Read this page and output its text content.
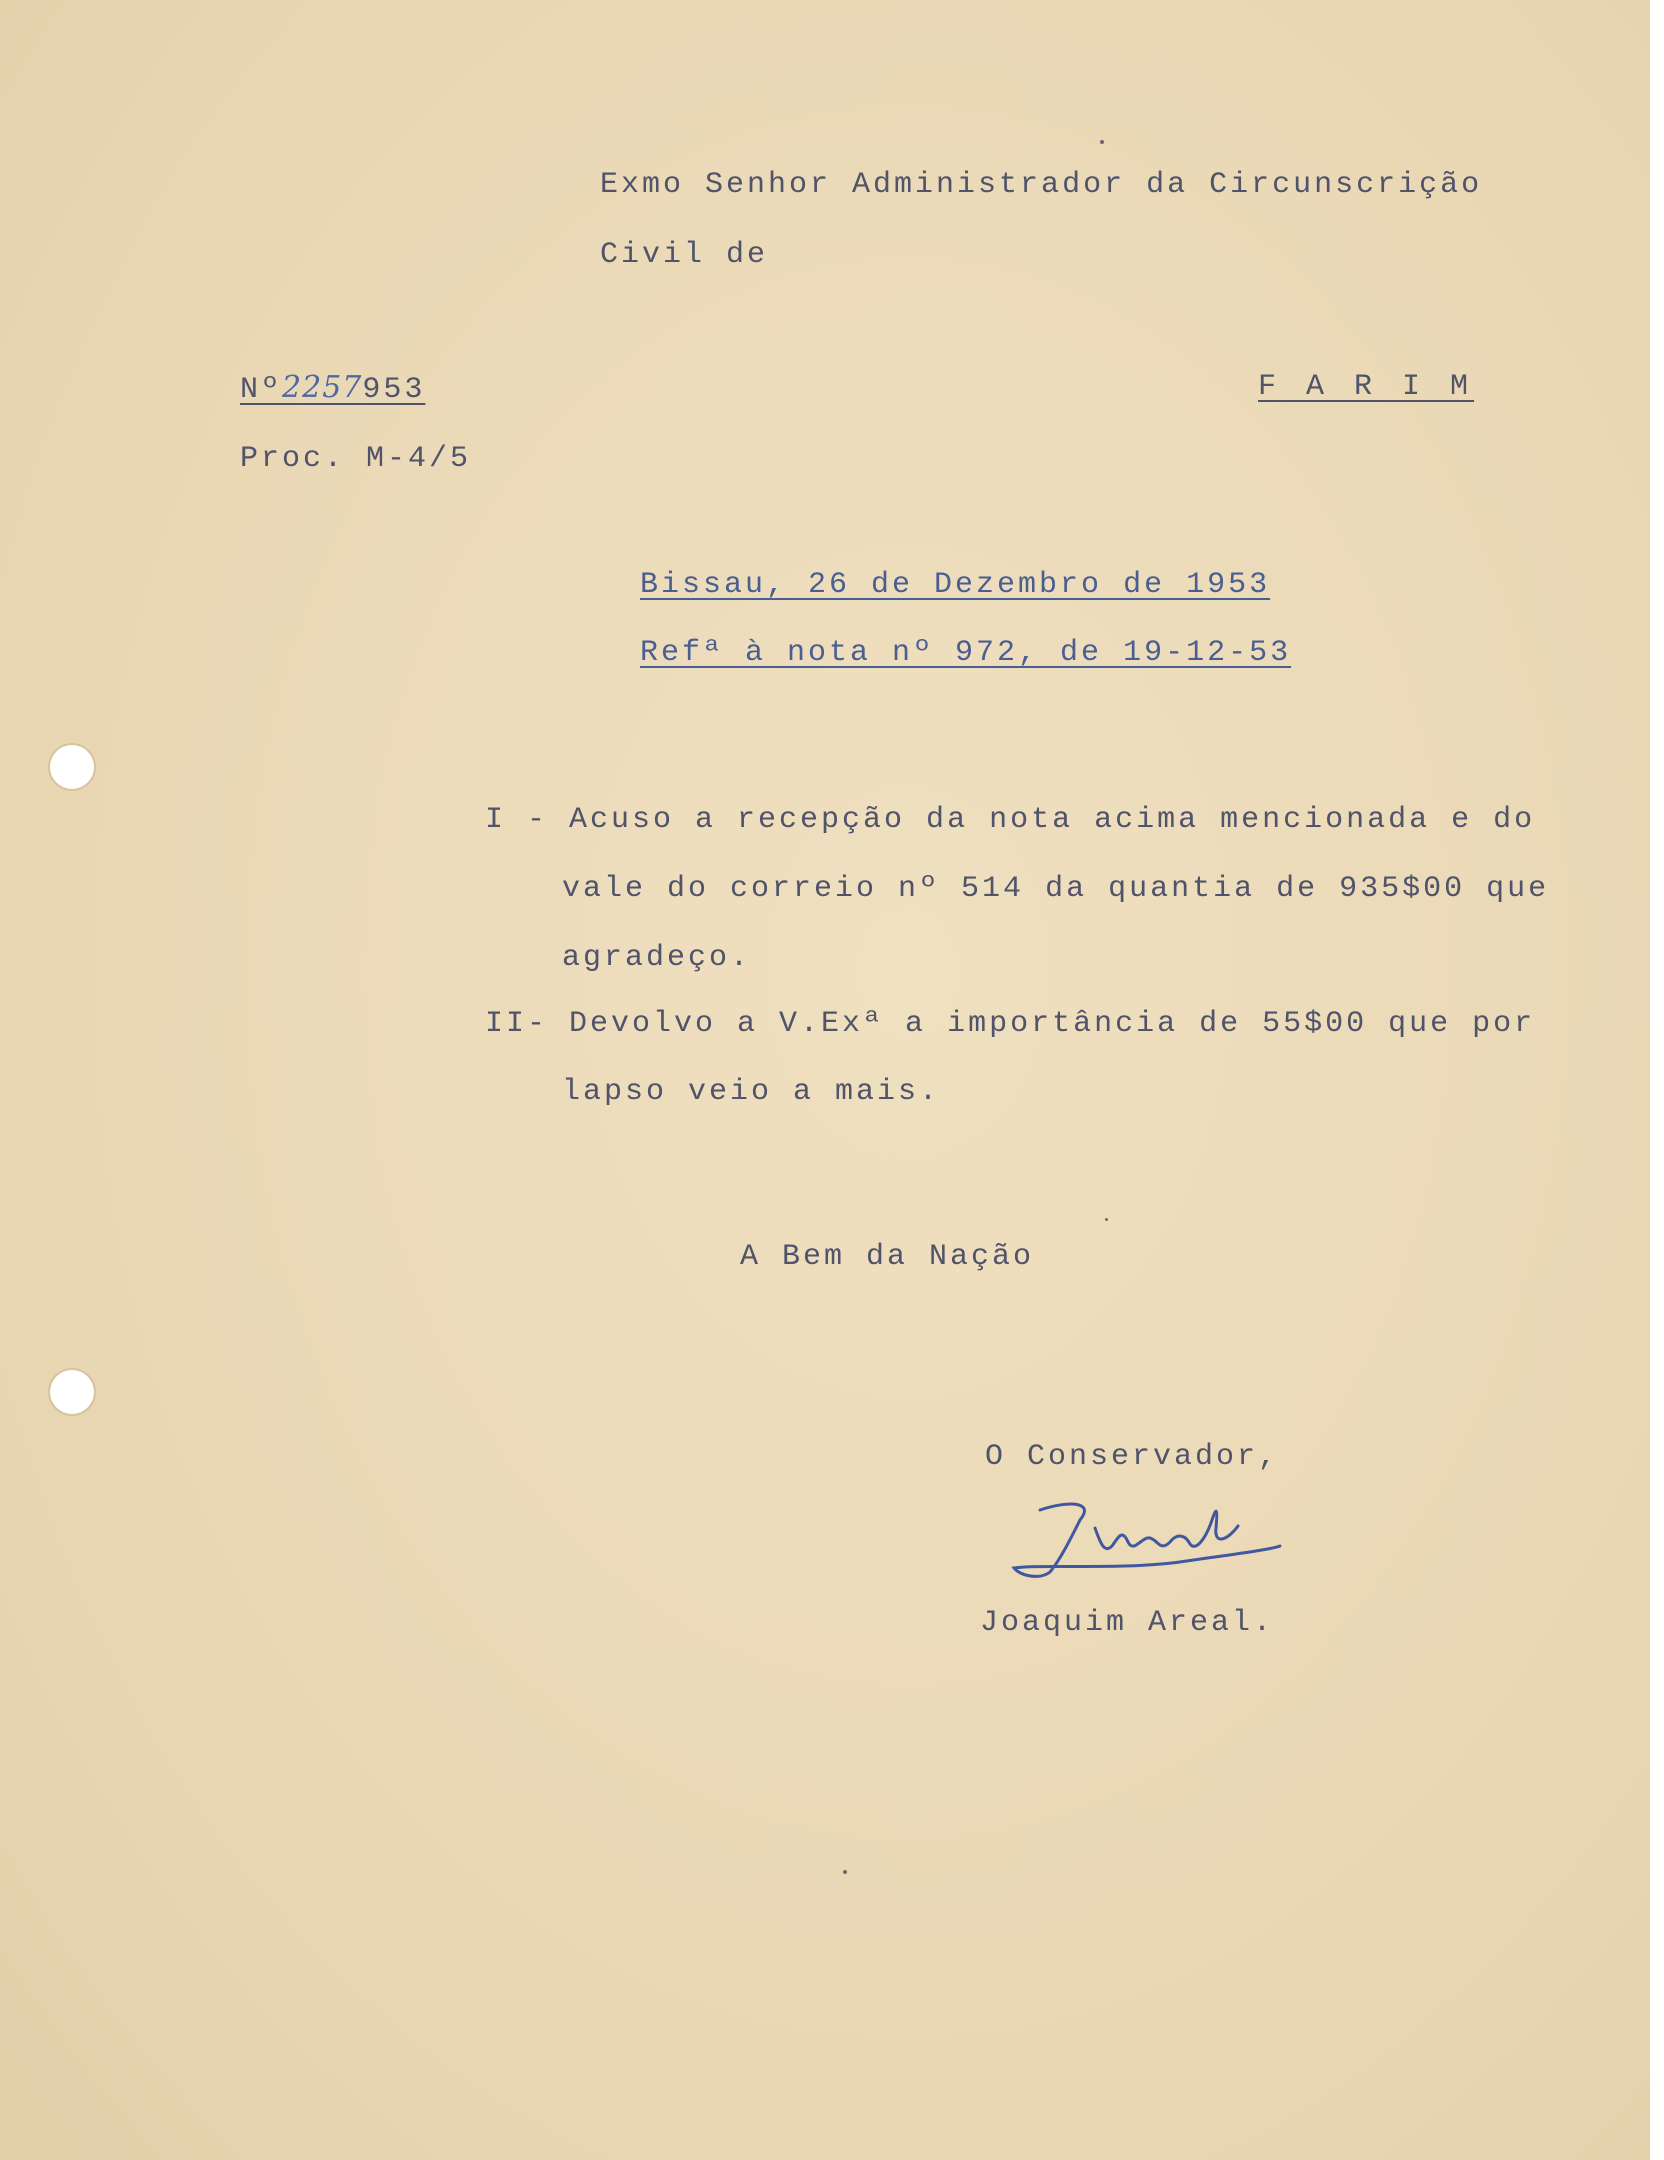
Exmo Senhor Administrador da Circunscrição
Civil de
Nº2257953
Proc. M-4/5
F A R I M
Bissau, 26 de Dezembro de 1953
Refª à nota nº 972, de 19-12-53
I - Acuso a recepção da nota acima mencionada e do
vale do correio nº 514 da quantia de 935$00 que
agradeço.
II- Devolvo a V.Exª a importância de 55$00 que por
lapso veio a mais.
A Bem da Nação
O Conservador,
Joaquim Areal.
